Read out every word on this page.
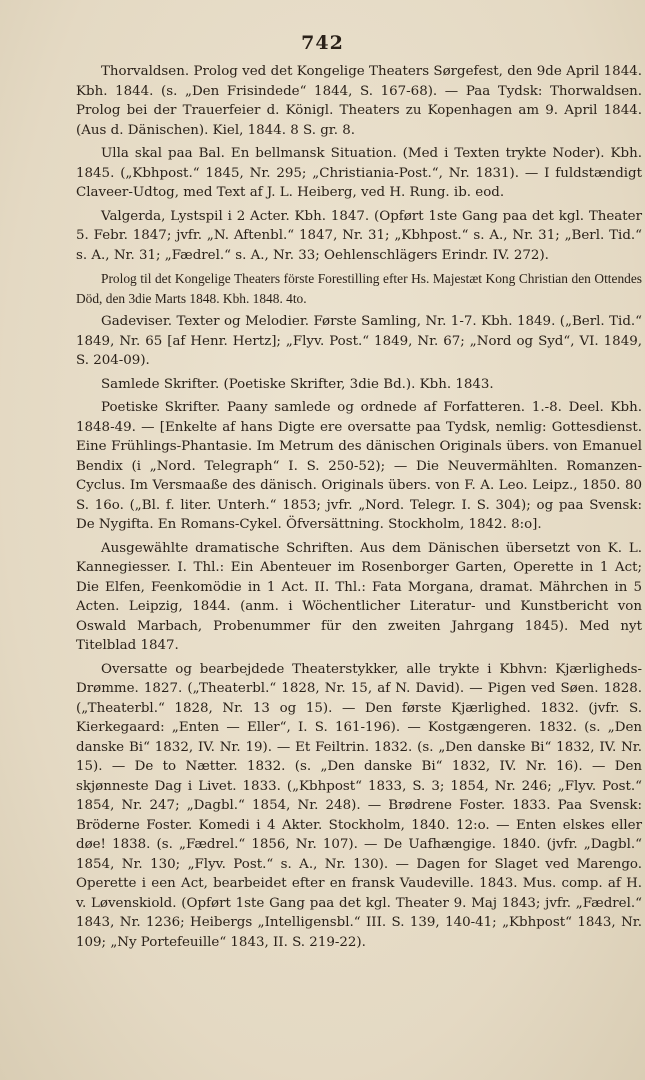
742

Thorvaldsen. Prolog ved det Kongelige Theaters Sørgefest, den 9de April 1844. Kbh. 1844. (s. „Den Frisindede“ 1844, S. 167-68). — Paa Tydsk: Thorwaldsen. Prolog bei der Trauerfeier d. Königl. Theaters zu Kopenhagen am 9. April 1844. (Aus d. Dänischen). Kiel, 1844. 8 S. gr. 8.

Ulla skal paa Bal. En bellmansk Situation. (Med i Texten trykte Noder). Kbh. 1845. („Kbhpost.“ 1845, Nr. 295; „Christiania-Post.“, Nr. 1831). — I fuldstændigt Claveer-Udtog, med Text af J. L. Heiberg, ved H. Rung. ib. eod.

Valgerda, Lystspil i 2 Acter. Kbh. 1847. (Opført 1ste Gang paa det kgl. Theater 5. Febr. 1847; jvfr. „N. Aftenbl.“ 1847, Nr. 31; „Kbhpost.“ s. A., Nr. 31; „Berl. Tid.“ s. A., Nr. 31; „Fædrel.“ s. A., Nr. 33; Oehlenschlägers Erindr. IV. 272).

Prolog til det Kongelige Theaters förste Forestilling efter Hs. Majestæt Kong Christian den Ottendes Död, den 3die Marts 1848. Kbh. 1848. 4to.

Gadeviser. Texter og Melodier. Første Samling, Nr. 1-7. Kbh. 1849. („Berl. Tid.“ 1849, Nr. 65 [af Henr. Hertz]; „Flyv. Post.“ 1849, Nr. 67; „Nord og Syd“, VI. 1849, S. 204-09).

Samlede Skrifter. (Poetiske Skrifter, 3die Bd.). Kbh. 1843.

Poetiske Skrifter. Paany samlede og ordnede af Forfatteren. 1.-8. Deel. Kbh. 1848-49. — [Enkelte af hans Digte ere oversatte paa Tydsk, nemlig: Gottesdienst. Eine Frühlings-Phantasie. Im Metrum des dänischen Originals übers. von Emanuel Bendix (i „Nord. Telegraph“ I. S. 250-52); — Die Neuvermählten. Romanzen-Cyclus. Im Versmaaße des dänisch. Originals übers. von F. A. Leo. Leipz., 1850. 80 S. 16o. („Bl. f. liter. Unterh.“ 1853; jvfr. „Nord. Telegr. I. S. 304); og paa Svensk: De Nygifta. En Romans-Cykel. Öfversättning. Stockholm, 1842. 8:o].

Ausgewählte dramatische Schriften. Aus dem Dänischen übersetzt von K. L. Kannegiesser. I. Thl.: Ein Abenteuer im Rosenborger Garten, Operette in 1 Act; Die Elfen, Feenkomödie in 1 Act. II. Thl.: Fata Morgana, dramat. Mährchen in 5 Acten. Leipzig, 1844. (anm. i Wöchentlicher Literatur- und Kunstbericht von Oswald Marbach, Probenummer für den zweiten Jahrgang 1845). Med nyt Titelblad 1847.

Oversatte og bearbejdede Theaterstykker, alle trykte i Kbhvn: Kjærligheds-Drømme. 1827. („Theaterbl.“ 1828, Nr. 15, af N. David). — Pigen ved Søen. 1828. („Theaterbl.“ 1828, Nr. 13 og 15). — Den første Kjærlighed. 1832. (jvfr. S. Kierkegaard: „Enten — Eller“, I. S. 161-196). — Kostgængeren. 1832. (s. „Den danske Bi“ 1832, IV. Nr. 19). — Et Feiltrin. 1832. (s. „Den danske Bi“ 1832, IV. Nr. 15). — De to Nætter. 1832. (s. „Den danske Bi“ 1832, IV. Nr. 16). — Den skjønneste Dag i Livet. 1833. („Kbhpost“ 1833, S. 3; 1854, Nr. 246; „Flyv. Post.“ 1854, Nr. 247; „Dagbl.“ 1854, Nr. 248). — Brødrene Foster. 1833. Paa Svensk: Bröderne Foster. Komedi i 4 Akter. Stockholm, 1840. 12:o. — Enten elskes eller døe! 1838. (s. „Fædrel.“ 1856, Nr. 107). — De Uafhængige. 1840. (jvfr. „Dagbl.“ 1854, Nr. 130; „Flyv. Post.“ s. A., Nr. 130). — Dagen for Slaget ved Marengo. Operette i een Act, bearbeidet efter en fransk Vaudeville. 1843. Mus. comp. af H. v. Løvenskiold. (Opført 1ste Gang paa det kgl. Theater 9. Maj 1843; jvfr. „Fædrel.“ 1843, Nr. 1236; Heibergs „Intelligensbl.“ III. S. 139, 140-41; „Kbhpost“ 1843, Nr. 109; „Ny Portefeuille“ 1843, II. S. 219-22).
